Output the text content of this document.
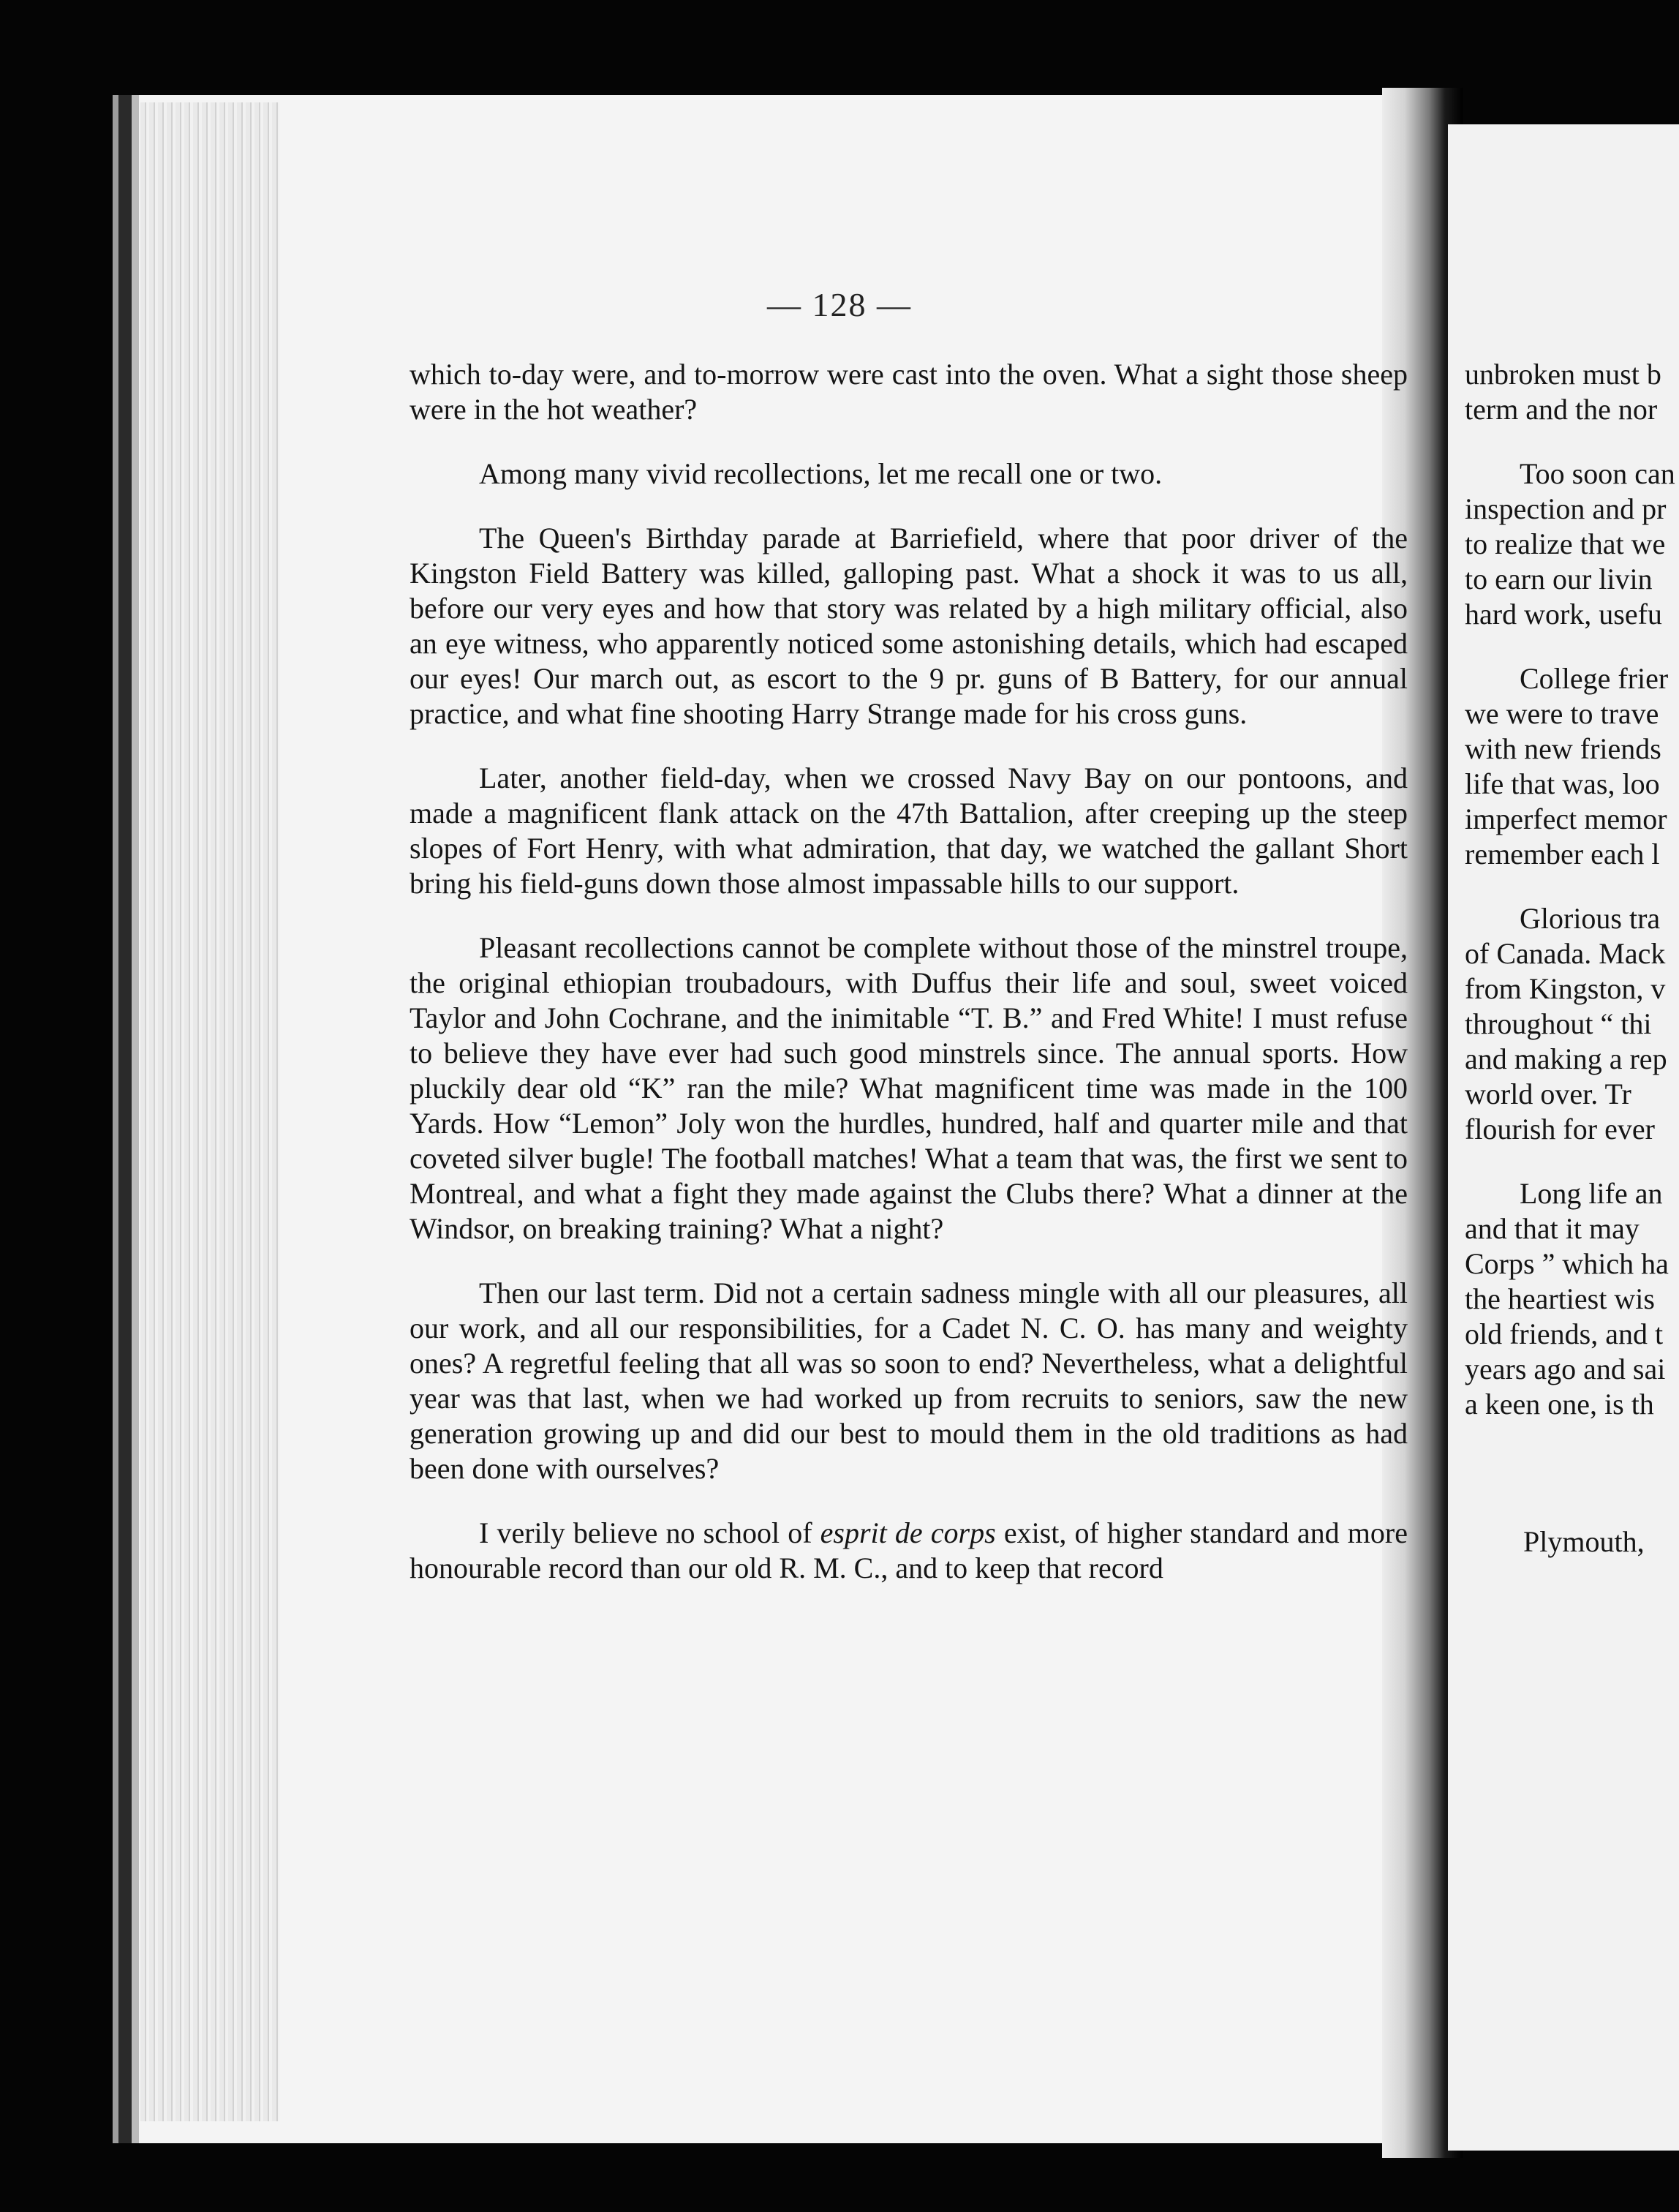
— 128 —

which to-day were, and to-morrow were cast into the oven. What a sight those sheep were in the hot weather?

Among many vivid recollections, let me recall one or two.

The Queen's Birthday parade at Barriefield, where that poor driver of the Kingston Field Battery was killed, galloping past. What a shock it was to us all, before our very eyes and how that story was related by a high military official, also an eye witness, who apparently noticed some astonishing details, which had escaped our eyes! Our march out, as escort to the 9 pr. guns of B Battery, for our annual practice, and what fine shooting Harry Strange made for his cross guns.

Later, another field-day, when we crossed Navy Bay on our pontoons, and made a magnificent flank attack on the 47th Battalion, after creeping up the steep slopes of Fort Henry, with what admiration, that day, we watched the gallant Short bring his field-guns down those almost impassable hills to our support.

Pleasant recollections cannot be complete without those of the minstrel troupe, the original ethiopian troubadours, with Duffus their life and soul, sweet voiced Taylor and John Cochrane, and the inimitable “T. B.” and Fred White! I must refuse to believe they have ever had such good minstrels since. The annual sports. How pluckily dear old “K” ran the mile? What magnificent time was made in the 100 Yards. How “Lemon” Joly won the hurdles, hundred, half and quarter mile and that coveted silver bugle! The football matches! What a team that was, the first we sent to Montreal, and what a fight they made against the Clubs there? What a dinner at the Windsor, on breaking training? What a night?

Then our last term. Did not a certain sadness mingle with all our pleasures, all our work, and all our responsibilities, for a Cadet N. C. O. has many and weighty ones? A regretful feeling that all was so soon to end? Nevertheless, what a delightful year was that last, when we had worked up from recruits to seniors, saw the new generation growing up and did our best to mould them in the old traditions as had been done with ourselves?

I verily believe no school of esprit de corps exist, of higher standard and more honourable record than our old R. M. C., and to keep that record

unbroken must b
term and the nor
Too soon can
inspection and pr
to realize that we
to earn our livin
hard work, usefu
College frier
we were to trave
with new friends
life that was, loo
imperfect memor
remember each l
Glorious tra
of Canada. Mack
from Kingston, v
throughout “ thi
and making a rep
world over. Tr
flourish for ever
Long life an
and that it may
Corps ” which ha
the heartiest wis
old friends, and t
years ago and sai
a keen one, is th
Plymouth,
